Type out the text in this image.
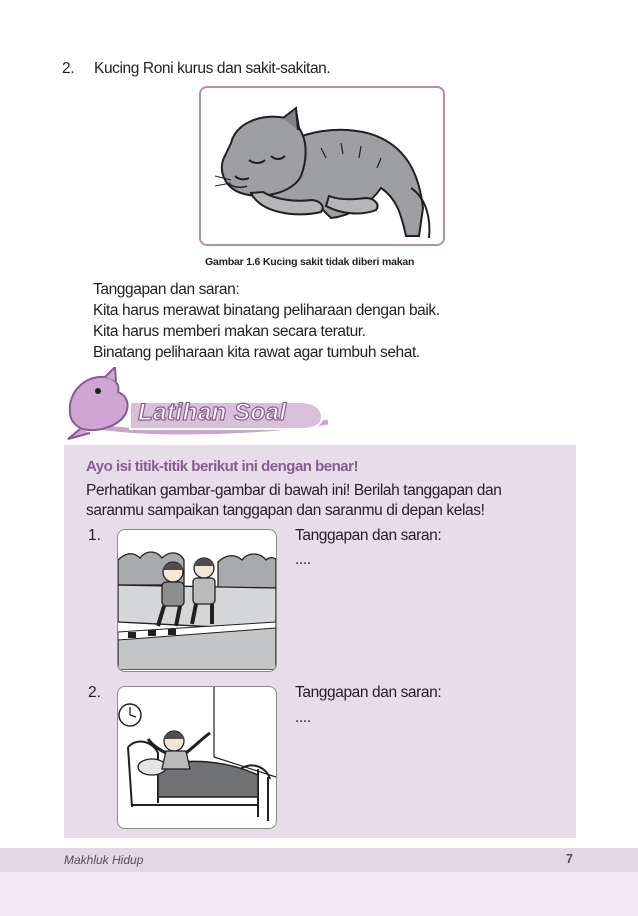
2. Kucing Roni kurus dan sakit-sakitan.
Gambar 1.6 Kucing sakit tidak diberi makan
Tanggapan dan saran:
Kita harus merawat binatang peliharaan dengan baik.
Kita harus memberi makan secara teratur.
Binatang peliharaan kita rawat agar tumbuh sehat.
Latihan Soal
Ayo isi titik-titik berikut ini dengan benar!
Perhatikan gambar-gambar di bawah ini! Berilah tanggapan dan
saranmu sampaikan tanggapan dan saranmu di depan kelas!
1.	Tanggapan dan saran:
....
2.	Tanggapan dan saran:
....
Makhluk Hidup	7
